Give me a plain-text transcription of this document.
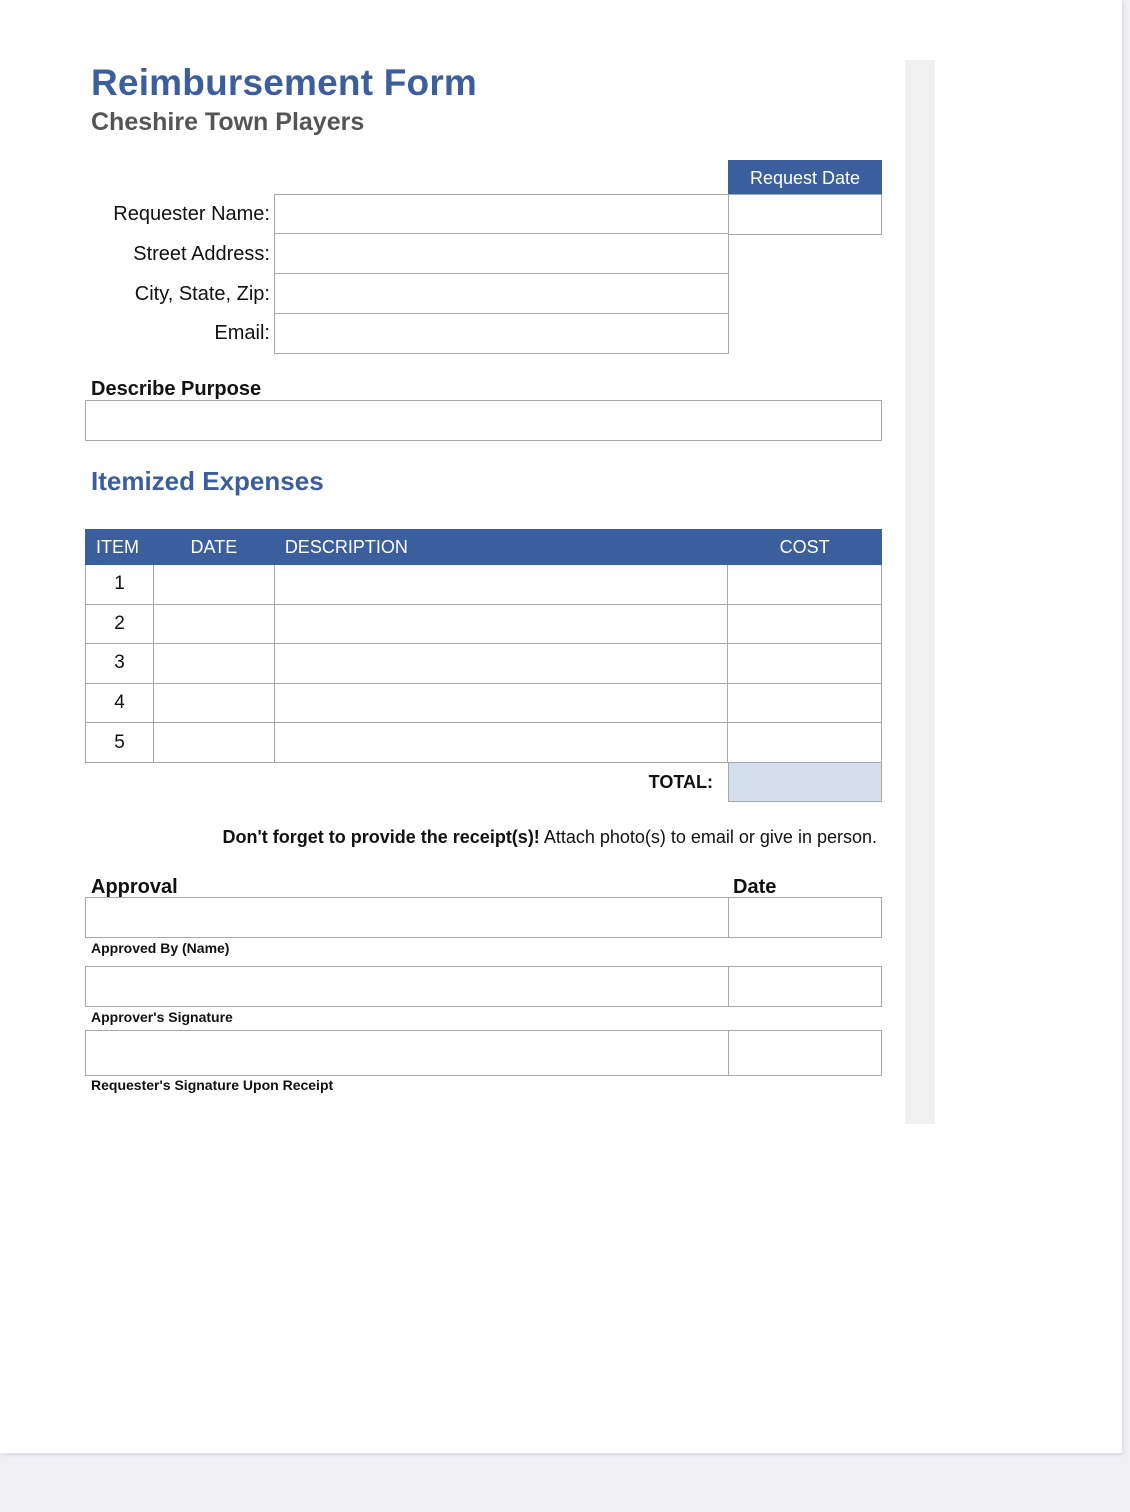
Reimbursement Form
Cheshire Town Players
Request Date
Requester Name:
Street Address:
City, State, Zip:
Email:
Describe Purpose
Itemized Expenses
ITEM	DATE	DESCRIPTION	COST
1			
2			
3			
4			
5			
TOTAL:
Don't forget to provide the receipt(s)! Attach photo(s) to email or give in person.
Approval	Date
Approved By (Name)
Approver's Signature
Requester's Signature Upon Receipt
